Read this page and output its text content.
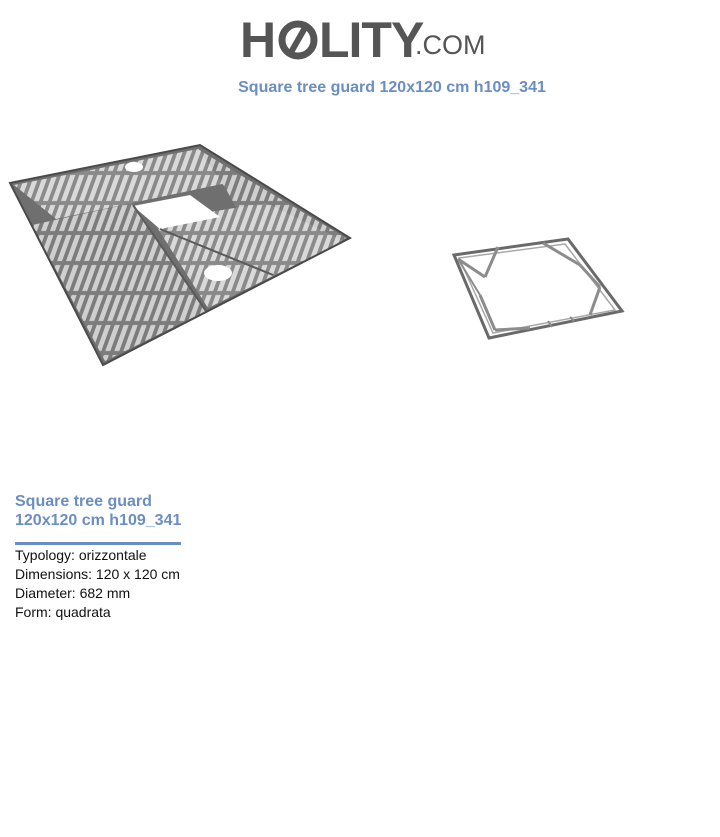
H LITY
.COM
Square tree guard 120x120 cm h109_341
Square tree guard
120x120 cm h109_341
Typology: orizzontale
Dimensions: 120 x 120 cm
Diameter: 682 mm
Form: quadrata
